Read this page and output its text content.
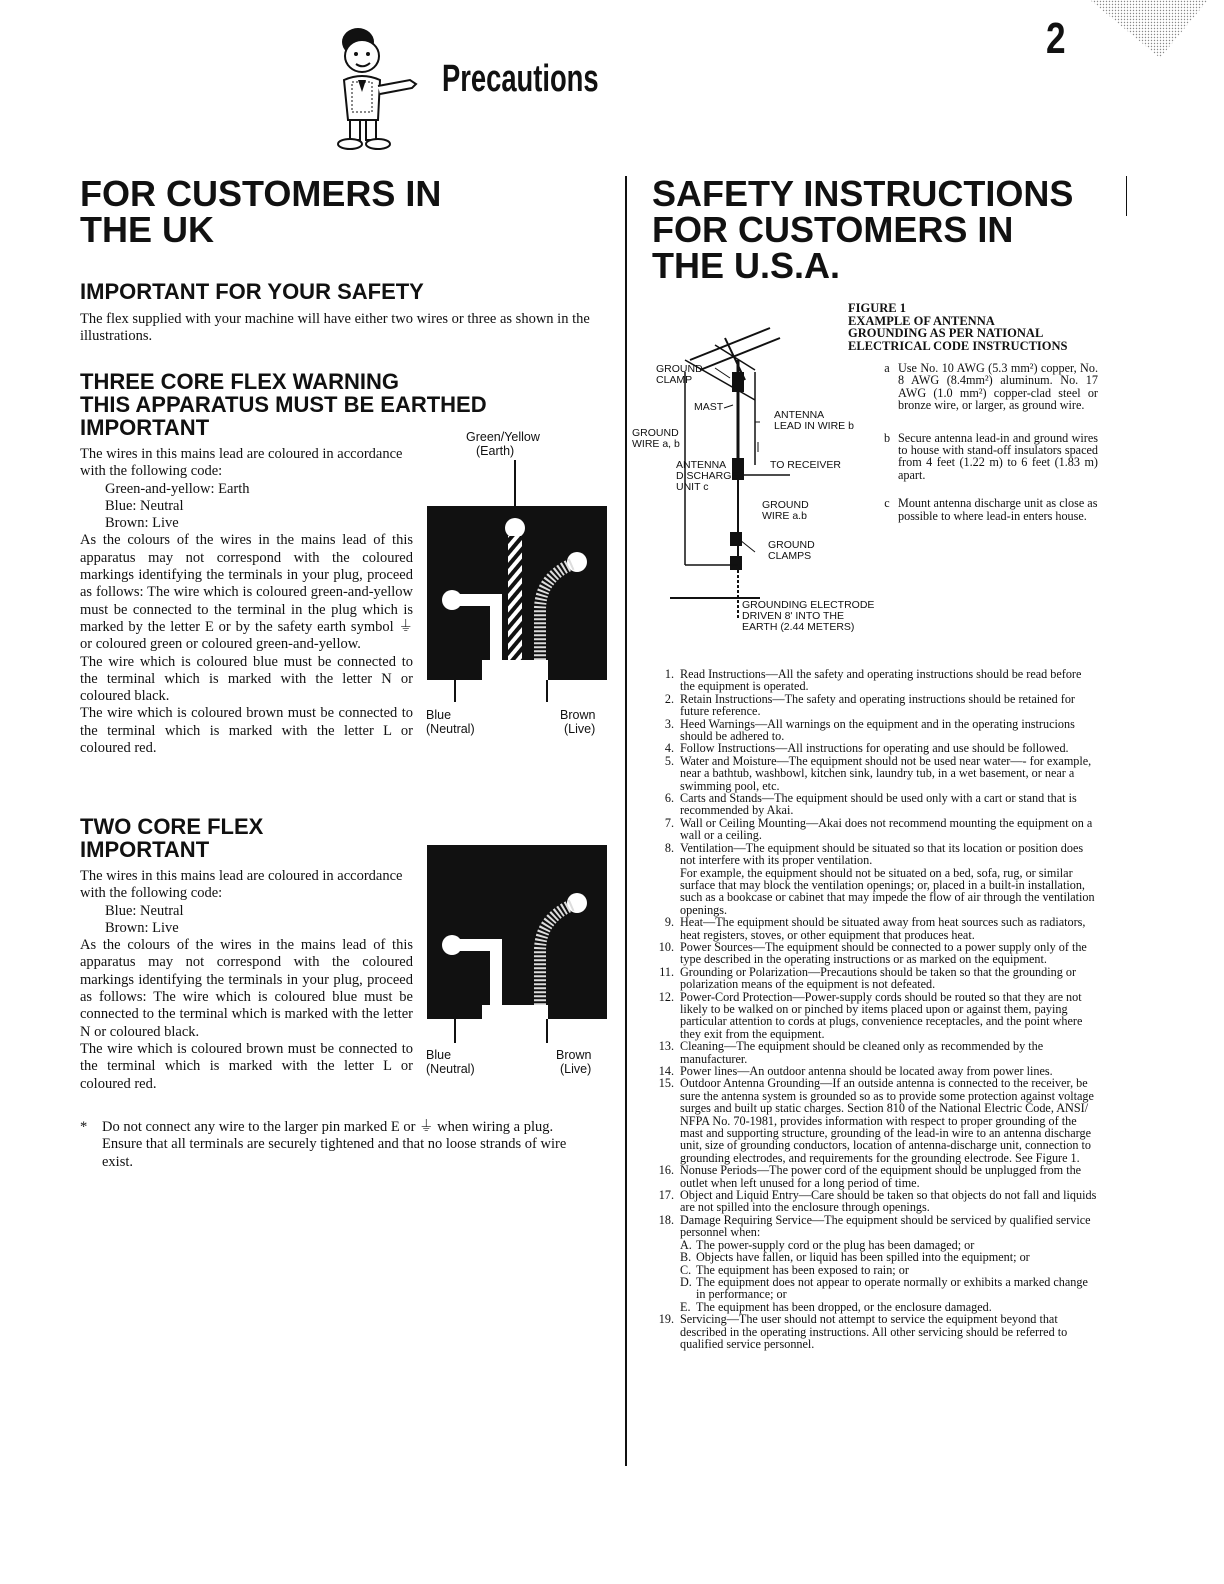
Precautions
2
FOR CUSTOMERS IN
THE UK
IMPORTANT FOR YOUR SAFETY
The flex supplied with your machine will have either two wires or three as shown in the illustrations.
THREE CORE FLEX WARNING
THIS APPARATUS MUST BE EARTHED
IMPORTANT
The wires in this mains lead are coloured in accordance with the following code:
Green-and-yellow: Earth
Blue: Neutral
Brown: Live
As the colours of the wires in the mains lead of this apparatus may not correspond with the coloured markings identifying the terminals in your plug, proceed as follows: The wire which is coloured green-and-yellow must be connected to the terminal in the plug which is marked by the letter E or by the safety earth symbol ⏚ or coloured green or coloured green-and-yellow.
The wire which is coloured blue must be connected to the terminal which is marked with the letter N or coloured black.
The wire which is coloured brown must be connected to the terminal which is marked with the letter L or coloured red.
Green/Yellow
(Earth)
Blue
(Neutral)
Brown
(Live)
TWO CORE FLEX
IMPORTANT
The wires in this mains lead are coloured in accordance with the following code:
Blue: Neutral
Brown: Live
As the colours of the wires in the mains lead of this apparatus may not correspond with the coloured markings identifying the terminals in your plug, proceed as follows: The wire which is coloured blue must be connected to the terminal which is marked with the letter N or coloured black.
The wire which is coloured brown must be connected to the terminal which is marked with the letter L or coloured red.
*	Do not connect any wire to the larger pin marked E or ⏚ when wiring a plug. Ensure that all terminals are securely tightened and that no loose strands of wire exist.
Blue
(Neutral)
Brown
(Live)
SAFETY INSTRUCTIONS
FOR CUSTOMERS IN
THE U.S.A.
FIGURE 1
EXAMPLE OF ANTENNA
GROUNDING AS PER NATIONAL
ELECTRICAL CODE INSTRUCTIONS
GROUND
CLAMP
MAST
ANTENNA
LEAD IN WIRE b
GROUND
WIRE a, b
ANTENNA
DISCHARGE
UNIT c
TO RECEIVER
GROUND
WIRE a.b
GROUND
CLAMPS
GROUNDING ELECTRODE
DRIVEN 8' INTO THE
EARTH (2.44 METERS)
a Use No. 10 AWG (5.3 mm²) copper, No. 8 AWG (8.4mm²) aluminum. No. 17 AWG (1.0 mm²) copper-clad steel or bronze wire, or larger, as ground wire.
b Secure antenna lead-in and ground wires to house with stand-off insulators spaced from 4 feet (1.22 m) to 6 feet (1.83 m) apart.
c Mount antenna discharge unit as close as possible to where lead-in enters house.
1. Read Instructions—All the safety and operating instructions should be read before the equipment is operated.
2. Retain Instructions—The safety and operating instructions should be retained for future reference.
3. Heed Warnings—All warnings on the equipment and in the operating instrucions should be adhered to.
4. Follow Instructions—All instructions for operating and use should be followed.
5. Water and Moisture—The equipment should not be used near water—- for example, near a bathtub, washbowl, kitchen sink, laundry tub, in a wet basement, or near a swimming pool, etc.
6. Carts and Stands—The equipment should be used only with a cart or stand that is recommended by Akai.
7. Wall or Ceiling Mounting—Akai does not recommend mounting the equipment on a wall or a ceiling.
8. Ventilation—The equipment should be situated so that its location or position does not interfere with its proper ventilation.
For example, the equipment should not be situated on a bed, sofa, rug, or similar surface that may block the ventilation openings; or, placed in a built-in installation, such as a bookcase or cabinet that may impede the flow of air through the ventilation openings.
9. Heat—The equipment should be situated away from heat sources such as radiators, heat registers, stoves, or other equipment that produces heat.
10. Power Sources—The equipment should be connected to a power supply only of the type described in the operating instructions or as marked on the equipment.
11. Grounding or Polarization—Precautions should be taken so that the grounding or polarization means of the equipment is not defeated.
12. Power-Cord Protection—Power-supply cords should be routed so that they are not likely to be walked on or pinched by items placed upon or against them, paying particular attention to cords at plugs, convenience receptacles, and the point where they exit from the equipment.
13. Cleaning—The equipment should be cleaned only as recommended by the manufacturer.
14. Power lines—An outdoor antenna should be located away from power lines.
15. Outdoor Antenna Grounding—If an outside antenna is connected to the receiver, be sure the antenna system is grounded so as to provide some protection against voltage surges and built up static charges. Section 810 of the National Electric Code, ANSI/ NFPA No. 70-1981, provides information with respect to proper grounding of the mast and supporting structure, grounding of the lead-in wire to an antenna discharge unit, size of grounding conductors, location of antenna-discharge unit, connection to grounding electrodes, and requirements for the grounding electrode. See Figure 1.
16. Nonuse Periods—The power cord of the equipment should be unplugged from the outlet when left unused for a long period of time.
17. Object and Liquid Entry—Care should be taken so that objects do not fall and liquids are not spilled into the enclosure through openings.
18. Damage Requiring Service—The equipment should be serviced by qualified service personnel when:
A. The power-supply cord or the plug has been damaged; or
B. Objects have fallen, or liquid has been spilled into the equipment; or
C. The equipment has been exposed to rain; or
D. The equipment does not appear to operate normally or exhibits a marked change in performance; or
E. The equipment has been dropped, or the enclosure damaged.
19. Servicing—The user should not attempt to service the equipment beyond that described in the operating instructions. All other servicing should be referred to qualified service personnel.
